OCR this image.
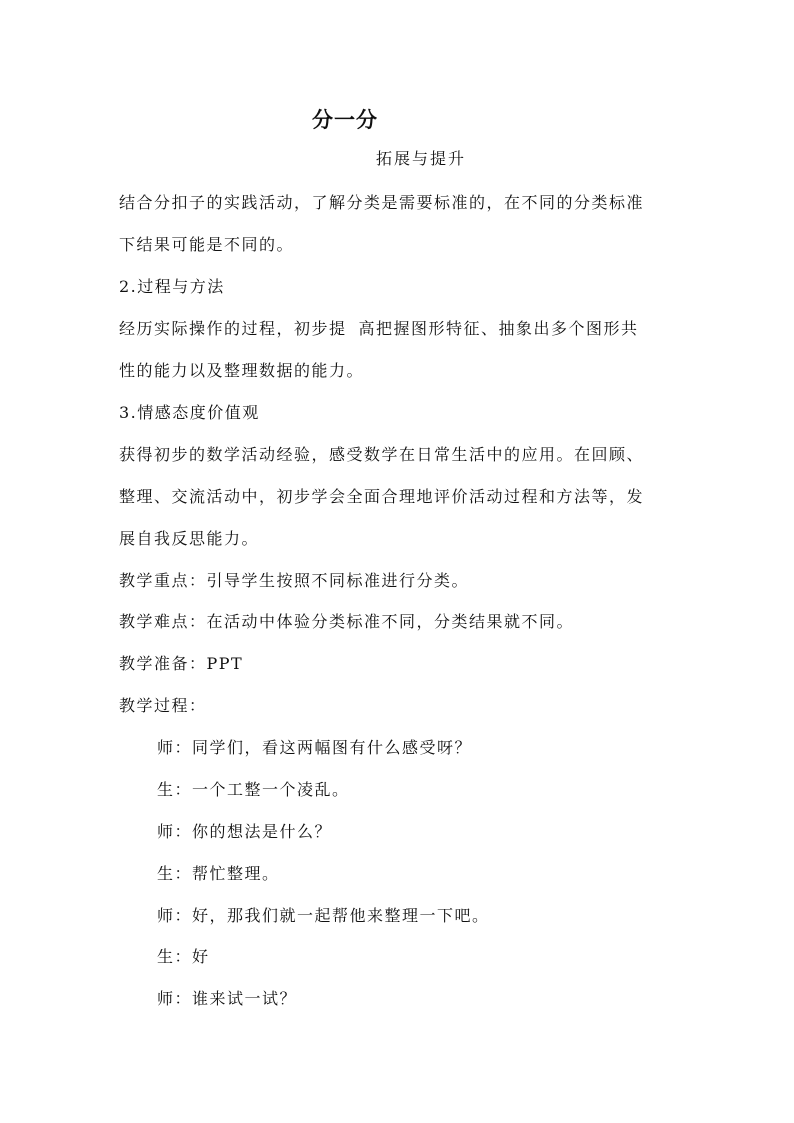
分一分
拓展与提升
结合分扣子的实践活动，了解分类是需要标准的，在不同的分类标准
下结果可能是不同的。
2.过程与方法
经历实际操作的过程，初步提 高把握图形特征、抽象出多个图形共
性的能力以及整理数据的能力。
3.情感态度价值观
获得初步的数学活动经验，感受数学在日常生活中的应用。在回顾、
整理、交流活动中，初步学会全面合理地评价活动过程和方法等，发
展自我反思能力。
教学重点：引导学生按照不同标准进行分类。
教学难点：在活动中体验分类标准不同，分类结果就不同。
教学准备：PPT
教学过程：
师：同学们，看这两幅图有什么感受呀？
生：一个工整一个凌乱。
师：你的想法是什么？
生：帮忙整理。
师：好，那我们就一起帮他来整理一下吧。
生：好
师：谁来试一试？
